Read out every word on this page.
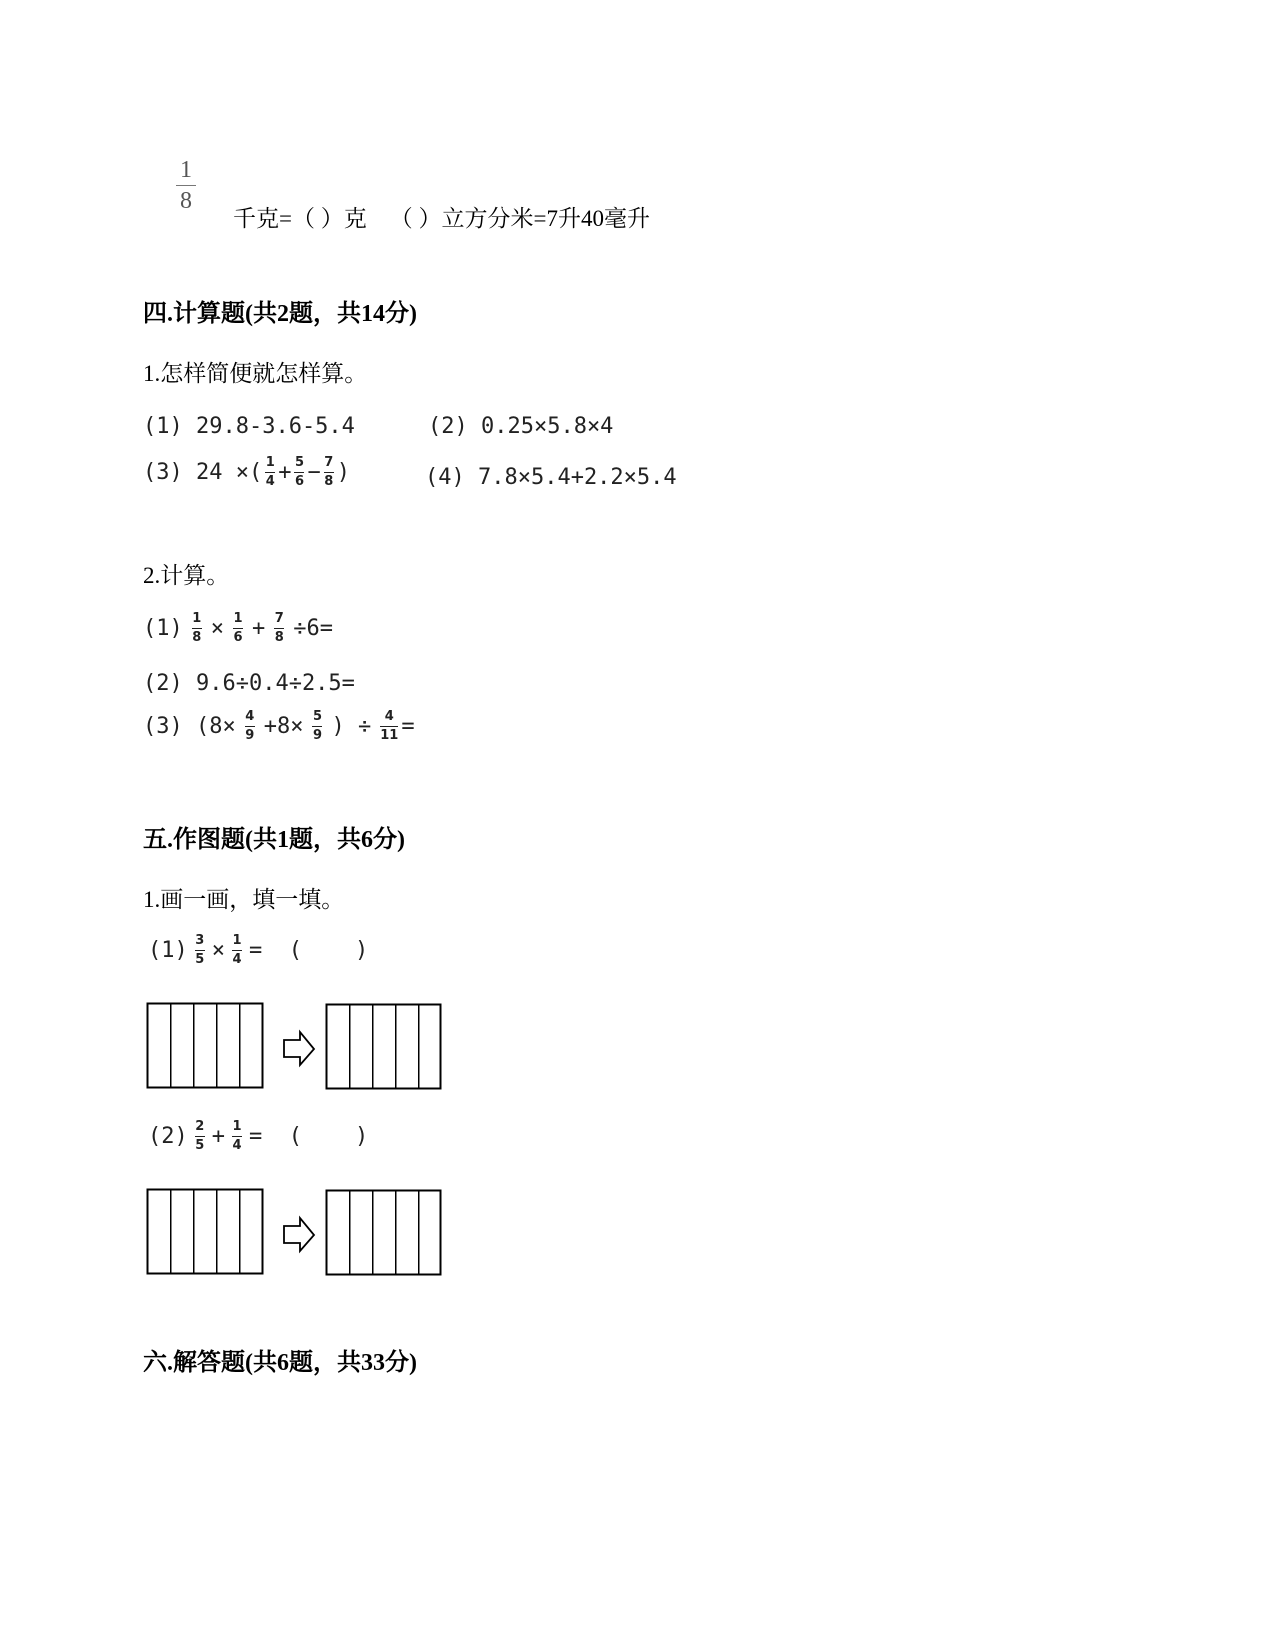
1
8
千克=（ ）克    （ ）立方分米=7升40毫升
四.计算题(共2题，共14分)
1.怎样简便就怎样算。
(1) 29.8-3.6-5.4	(2) 0.25×5.8×4
(3) 24 ×( $\frac{1}{4} + \frac{5}{6} - \frac{7}{8}$ )	(4) 7.8×5.4+2.2×5.4
2.计算。
$(1) \frac{1}{8} \times \frac{1}{6} + \frac{7}{8} \div 6=$
(2) 9.6÷0.4÷2.5=
(3) ($8\times \frac{4}{9} +8\times \frac{5}{9}$ ) ÷ $\frac{4}{11}$ =
五.作图题(共1题，共6分)
1.画一画，填一填。
$(1) \frac{3}{5} \times \frac{1}{4}$ =  (    )
$(2) \frac{2}{5} + \frac{1}{4}$ =  (    )
六.解答题(共6题，共33分)
